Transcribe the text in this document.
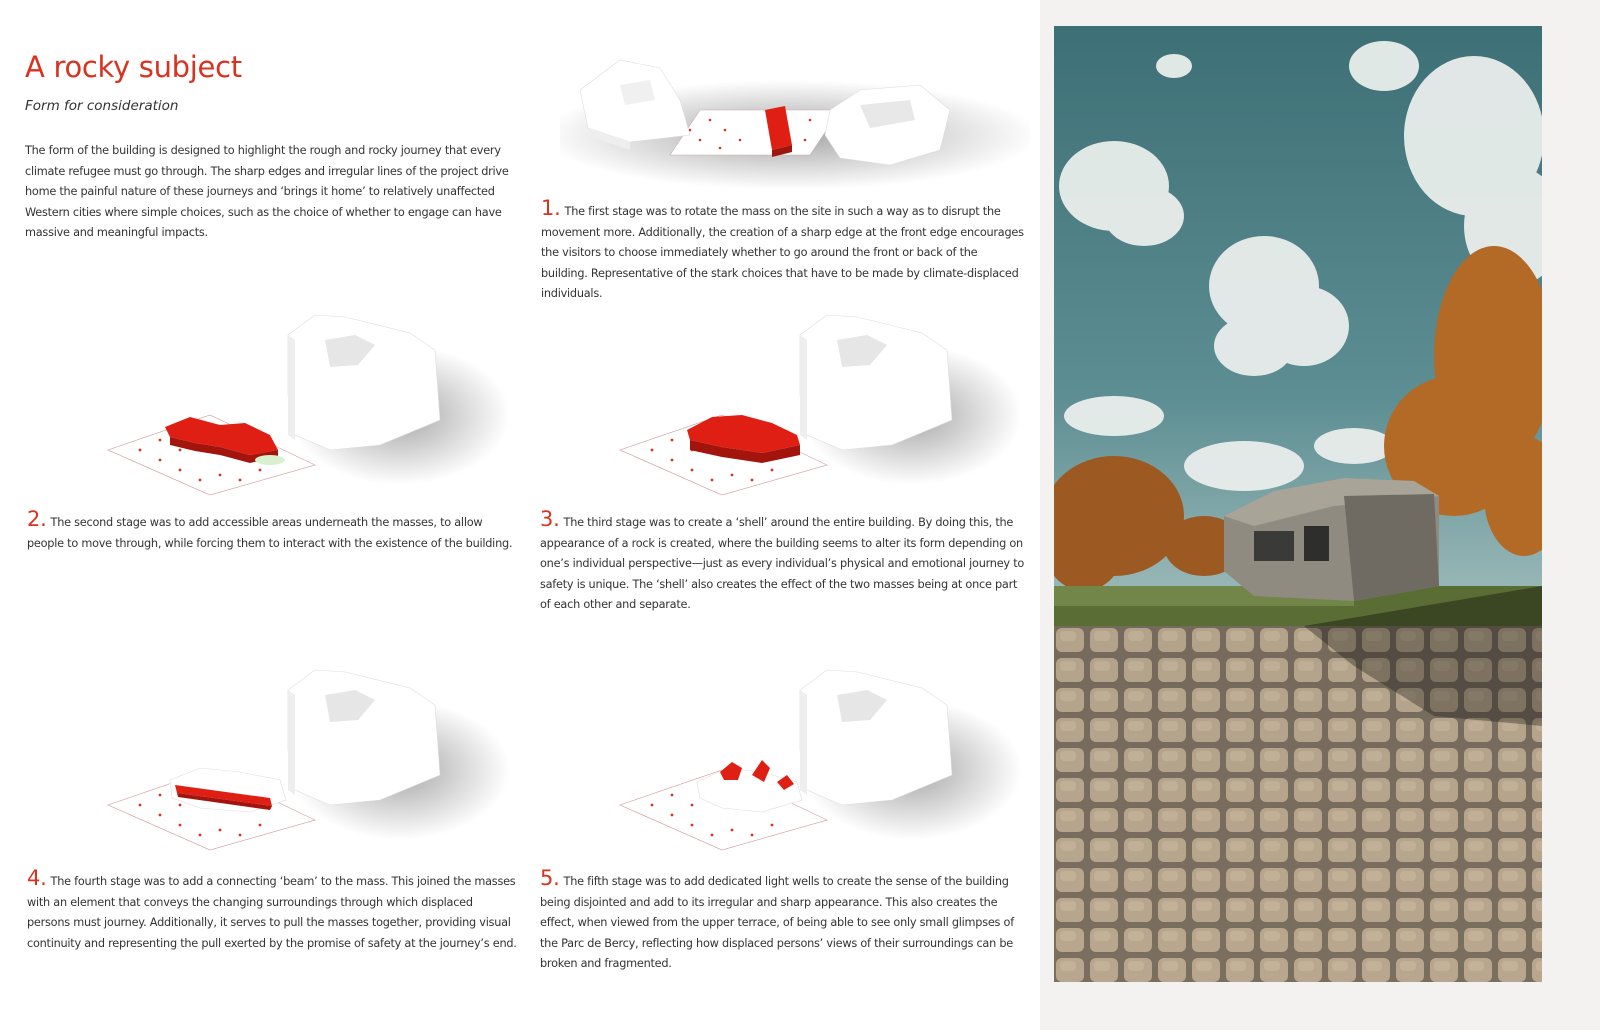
A rocky subject

Form for consideration

The form of the building is designed to highlight the rough and rocky journey that every climate refugee must go through. The sharp edges and irregular lines of the project drive home the painful nature of these journeys and ‘brings it home’ to relatively unaffected Western cities where simple choices, such as the choice of whether to engage can have massive and meaningful impacts.

1. The first stage was to rotate the mass on the site in such a way as to disrupt the movement more. Additionally, the creation of a sharp edge at the front edge encourages the visitors to choose immediately whether to go around the front or back of the building. Representative of the stark choices that have to be made by climate-displaced individuals.

2. The second stage was to add accessible areas underneath the masses, to allow people to move through, while forcing them to interact with the existence of the building.

3. The third stage was to create a ‘shell’ around the entire building. By doing this, the appearance of a rock is created, where the building seems to alter its form depending on one’s individual perspective—just as every individual’s physical and emotional journey to safety is unique. The ‘shell’ also creates the effect of the two masses being at once part of each other and separate.

4. The fourth stage was to add a connecting ‘beam’ to the mass. This joined the masses with an element that conveys the changing surroundings through which displaced persons must journey. Additionally, it serves to pull the masses together, providing visual continuity and representing the pull exerted by the promise of safety at the journey’s end.

5. The fifth stage was to add dedicated light wells to create the sense of the building being disjointed and add to its irregular and sharp appearance. This also creates the effect, when viewed from the upper terrace, of being able to see only small glimpses of the Parc de Bercy, reflecting how displaced persons’ views of their surroundings can be broken and fragmented.
